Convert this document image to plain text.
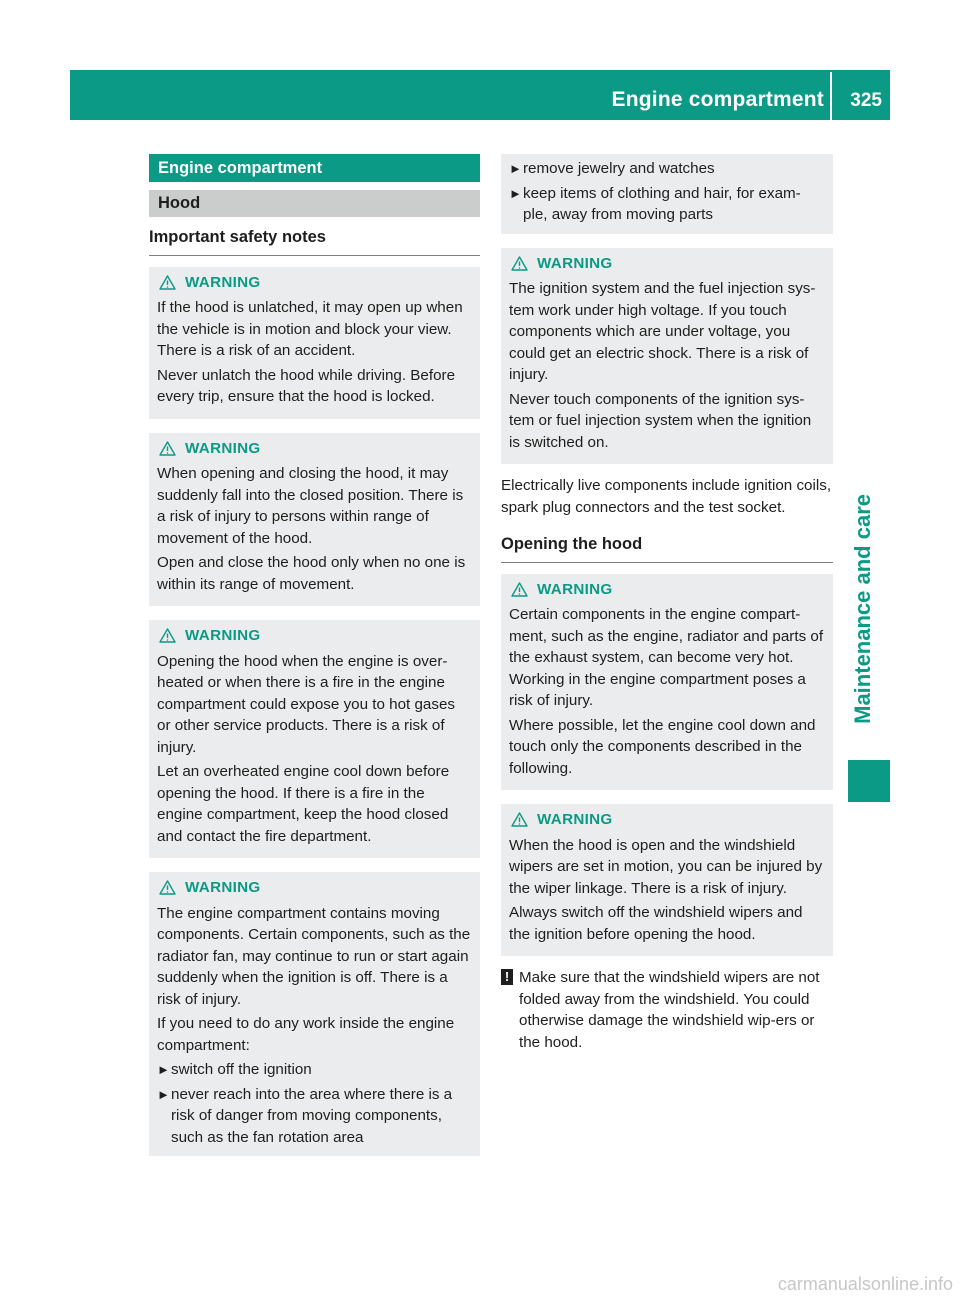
Engine compartment 325
Maintenance and care
Engine compartment
Hood
Important safety notes
WARNING

If the hood is unlatched, it may open up when the vehicle is in motion and block your view. There is a risk of an accident.

Never unlatch the hood while driving. Before every trip, ensure that the hood is locked.

WARNING

When opening and closing the hood, it may suddenly fall into the closed position. There is a risk of injury to persons within range of movement of the hood.

Open and close the hood only when no one is within its range of movement.

WARNING

Opening the hood when the engine is over-heated or when there is a fire in the engine compartment could expose you to hot gases or other service products. There is a risk of injury.

Let an overheated engine cool down before opening the hood. If there is a fire in the engine compartment, keep the hood closed and contact the fire department.

WARNING

The engine compartment contains moving components. Certain components, such as the radiator fan, may continue to run or start again suddenly when the ignition is off. There is a risk of injury.

If you need to do any work inside the engine compartment:

► switch off the ignition
► never reach into the area where there is a risk of danger from moving components, such as the fan rotation area
► remove jewelry and watches
► keep items of clothing and hair, for exam-ple, away from moving parts
WARNING

The ignition system and the fuel injection sys-tem work under high voltage. If you touch components which are under voltage, you could get an electric shock. There is a risk of injury.

Never touch components of the ignition sys-tem or fuel injection system when the ignition is switched on.

Electrically live components include ignition coils, spark plug connectors and the test socket.
Opening the hood
WARNING

Certain components in the engine compart-ment, such as the engine, radiator and parts of the exhaust system, can become very hot. Working in the engine compartment poses a risk of injury.

Where possible, let the engine cool down and touch only the components described in the following.

WARNING

When the hood is open and the windshield wipers are set in motion, you can be injured by the wiper linkage. There is a risk of injury.

Always switch off the windshield wipers and the ignition before opening the hood.

! Make sure that the windshield wipers are not folded away from the windshield. You could otherwise damage the windshield wip-ers or the hood.
carmanualsonline.info
